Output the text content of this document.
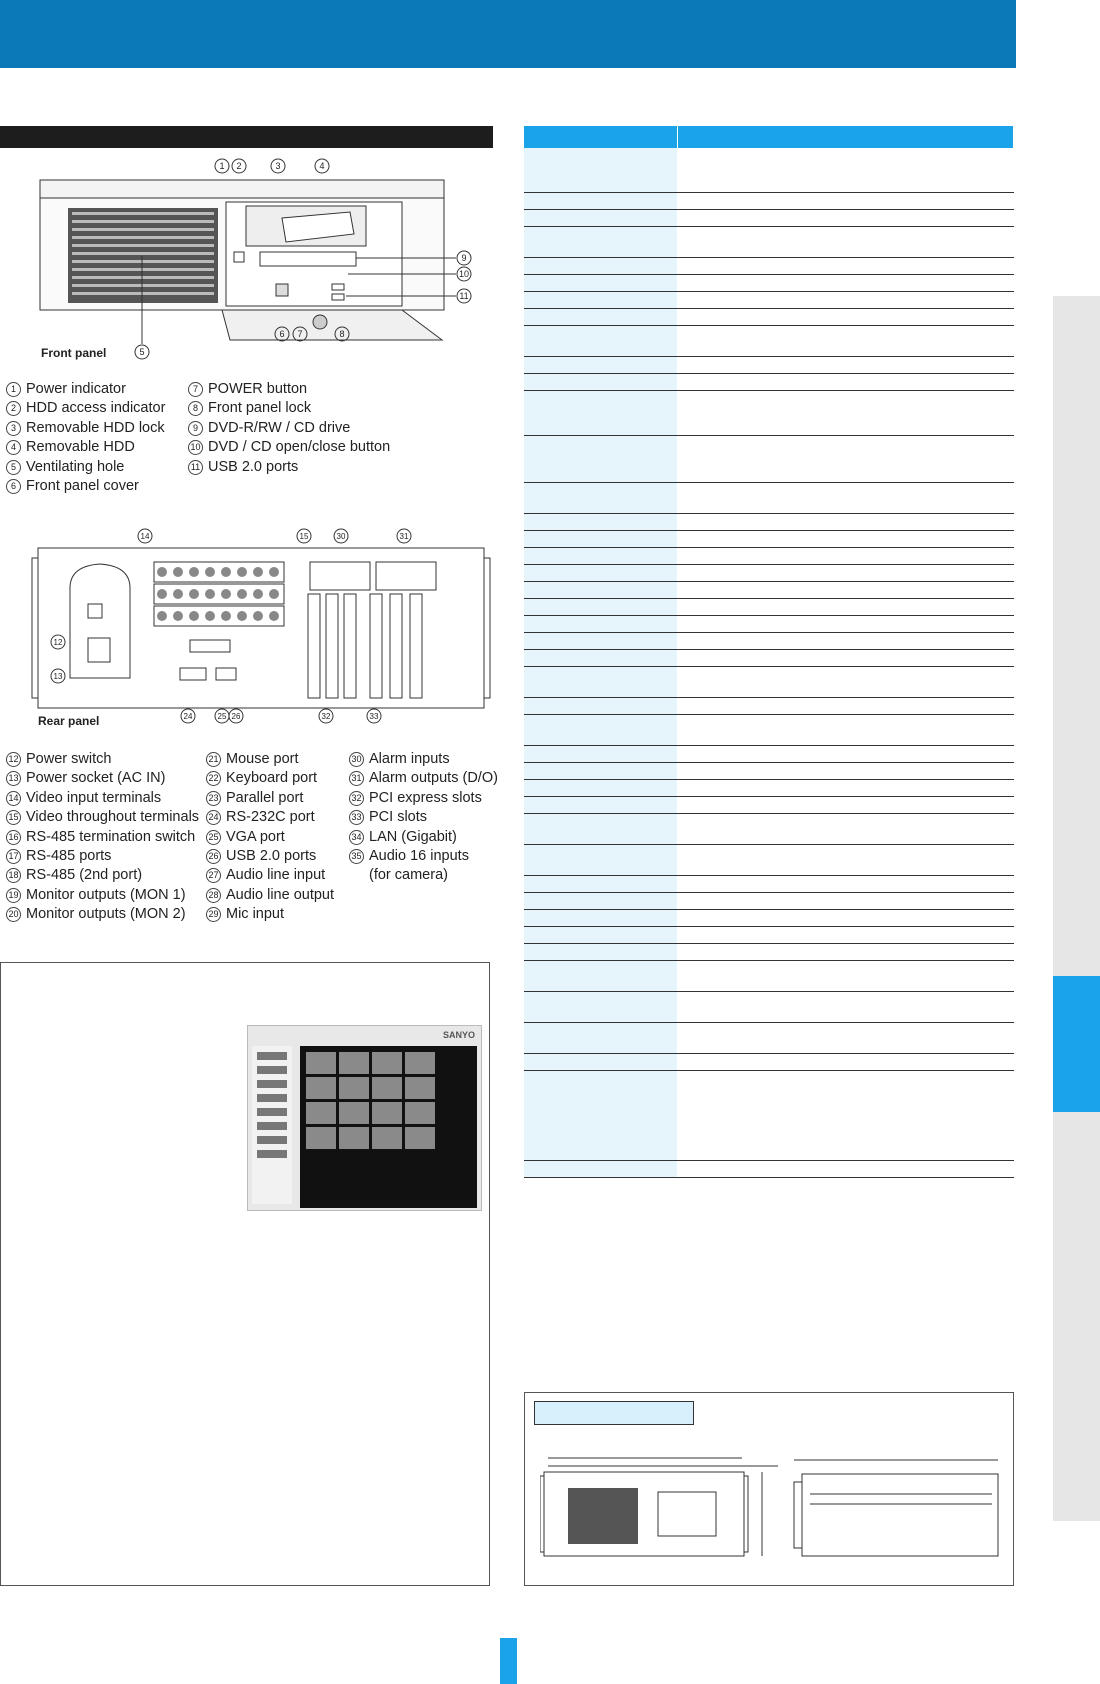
1 2	3	4
9
10
11
5
6 7	8
Front panel
1 Power indicator
2 HDD access indicator
3 Removable HDD lock
4 Removable HDD
5 Ventilating hole
6 Front panel cover
7 POWER button
8 Front panel lock
9 DVD-R/RW / CD drive
10 DVD / CD open/close button
11 USB 2.0 ports
14	15	30	31
12
13
24	25 26	32	33
Rear panel
12 Power switch
13 Power socket (AC IN)
14 Video input terminals
15 Video throughout terminals
16 RS-485 termination switch
17 RS-485 ports
18 RS-485 (2nd port)
19 Monitor outputs (MON 1)
20 Monitor outputs (MON 2)
21 Mouse port
22 Keyboard port
23 Parallel port
24 RS-232C port
25 VGA port
26 USB 2.0 ports
27 Audio line input
28 Audio line output
29 Mic input
30 Alarm inputs
31 Alarm outputs (D/O)
32 PCI express slots
33 PCI slots
34 LAN (Gigabit)
35 Audio 16 inputs
(for camera)
SANYO
